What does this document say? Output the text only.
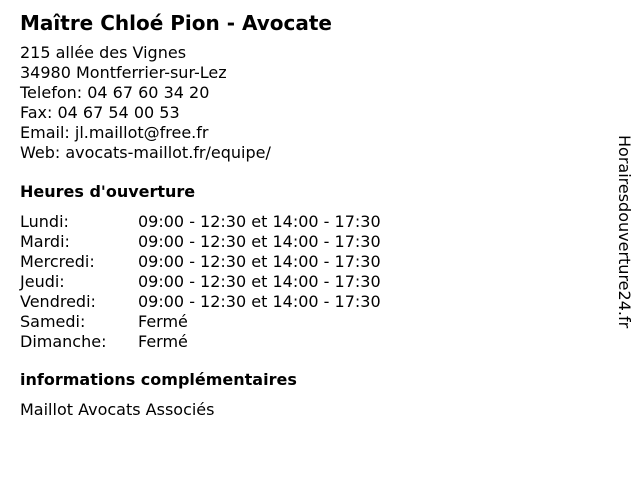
Maître Chloé Pion - Avocate
215 allée des Vignes
34980 Montferrier-sur-Lez
Telefon: 04 67 60 34 20
Fax: 04 67 54 00 53
Email: jl.maillot@free.fr
Web: avocats-maillot.fr/equipe/
Heures d'ouverture
Lundi:	09:00 - 12:30 et 14:00 - 17:30
Mardi:	09:00 - 12:30 et 14:00 - 17:30
Mercredi:	09:00 - 12:30 et 14:00 - 17:30
Jeudi:	09:00 - 12:30 et 14:00 - 17:30
Vendredi:	09:00 - 12:30 et 14:00 - 17:30
Samedi:	Fermé
Dimanche:	Fermé
informations complémentaires
Maillot Avocats Associés
Horairesdouverture24.fr
